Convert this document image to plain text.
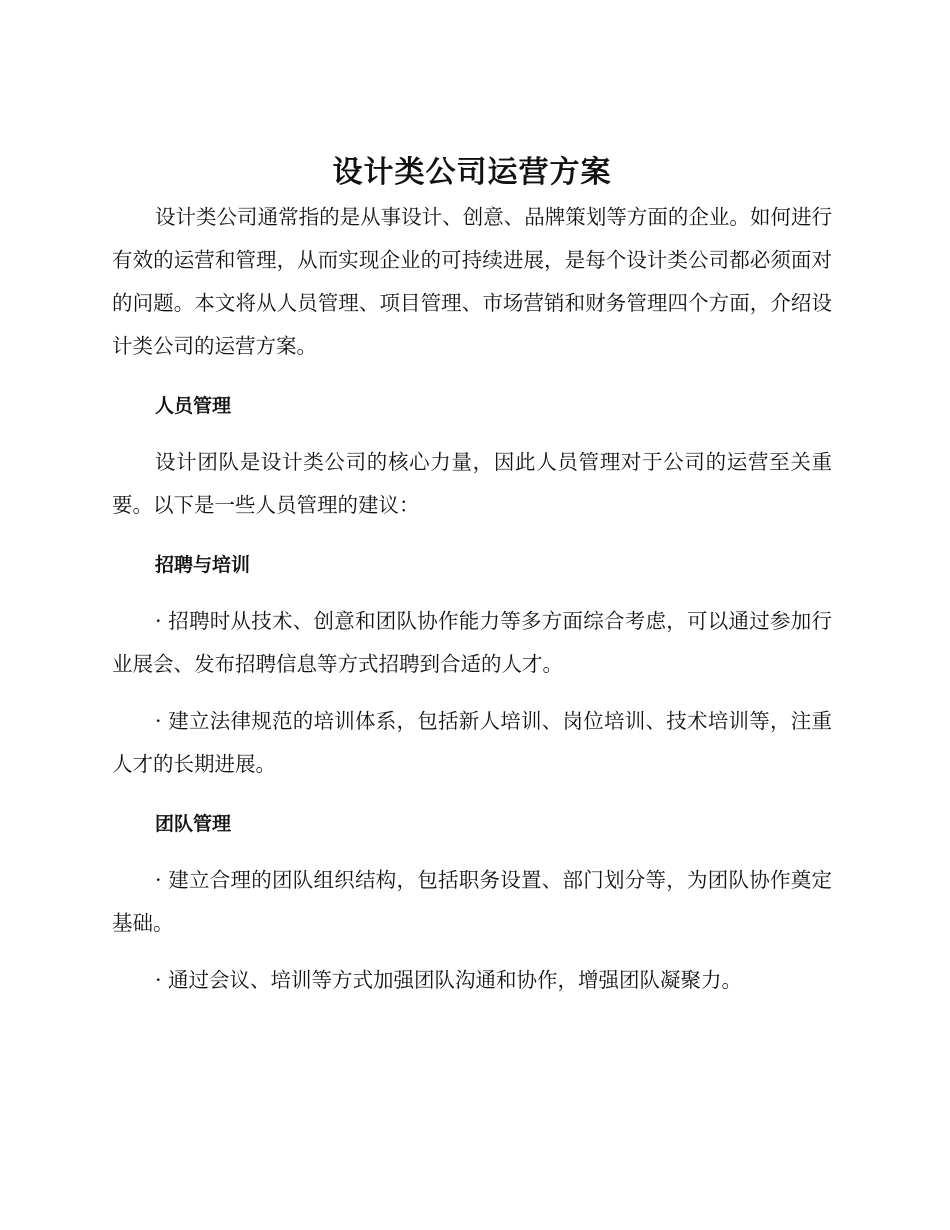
设计类公司运营方案

设计类公司通常指的是从事设计、创意、品牌策划等方面的企业。如何进行有效的运营和管理，从而实现企业的可持续进展，是每个设计类公司都必须面对的问题。本文将从人员管理、项目管理、市场营销和财务管理四个方面，介绍设计类公司的运营方案。

人员管理

设计团队是设计类公司的核心力量，因此人员管理对于公司的运营至关重要。以下是一些人员管理的建议：

招聘与培训

· 招聘时从技术、创意和团队协作能力等多方面综合考虑，可以通过参加行业展会、发布招聘信息等方式招聘到合适的人才。

· 建立法律规范的培训体系，包括新人培训、岗位培训、技术培训等，注重人才的长期进展。

团队管理

· 建立合理的团队组织结构，包括职务设置、部门划分等，为团队协作奠定基础。

· 通过会议、培训等方式加强团队沟通和协作，增强团队凝聚力。
